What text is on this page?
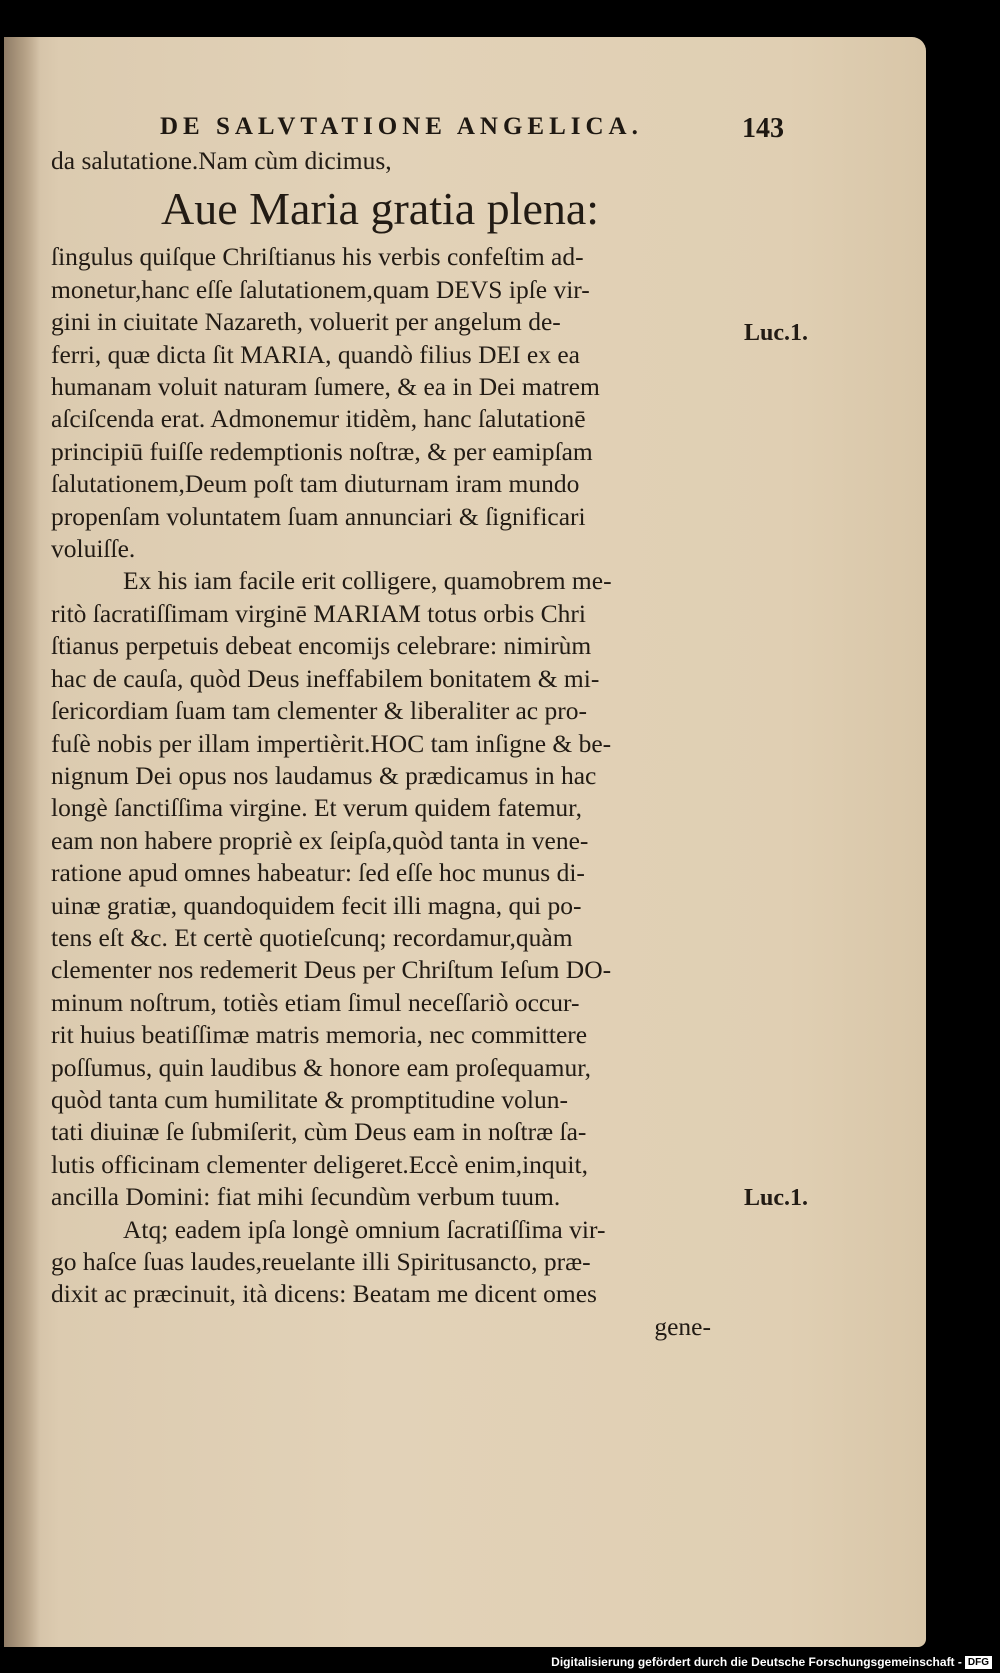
DE SALVTATIONE ANGELICA.	143
da salutatione.Nam cùm dicimus,
Aue Maria gratia plena:

ſingulus quiſque Chriſtianus his verbis confeſtim ad-
monetur,hanc eſſe ſalutationem,quam DEVS ipſe vir-
gini in ciuitate Nazareth, voluerit per angelum de-
ferri, quæ dicta ſit MARIA, quandò filius DEI ex ea
humanam voluit naturam ſumere, & ea in Dei matrem
aſciſcenda erat. Admonemur itidèm, hanc ſalutationē
principiū fuiſſe redemptionis noſtræ, & per eamipſam
ſalutationem,Deum poſt tam diuturnam iram mundo
propenſam voluntatem ſuam annunciari & ſignificari
voluiſſe.

Ex his iam facile erit colligere, quamobrem me-
ritò ſacratiſſimam virginē MARIAM totus orbis Chri
ſtianus perpetuis debeat encomijs celebrare: nimirùm
hac de cauſa, quòd Deus ineffabilem bonitatem & mi-
ſericordiam ſuam tam clementer & liberaliter ac pro-
fuſè nobis per illam impertièrit.HOC tam inſigne & be-
nignum Dei opus nos laudamus & prædicamus in hac
longè ſanctiſſima virgine. Et verum quidem fatemur,
eam non habere propriè ex ſeipſa,quòd tanta in vene-
ratione apud omnes habeatur: ſed eſſe hoc munus di-
uinæ gratiæ, quandoquidem fecit illi magna, qui po-
tens eſt &c. Et certè quotieſcunq; recordamur,quàm
clementer nos redemerit Deus per Chriſtum Ieſum DO-
minum noſtrum, totiès etiam ſimul neceſſariò occur-
rit huius beatiſſimæ matris memoria, nec committere
poſſumus, quin laudibus & honore eam proſequamur,
quòd tanta cum humilitate & promptitudine volun-
tati diuinæ ſe ſubmiſerit, cùm Deus eam in noſtræ ſa-
lutis officinam clementer deligeret.Eccè enim,inquit,
ancilla Domini: fiat mihi ſecundùm verbum tuum.

Atq; eadem ipſa longè omnium ſacratiſſima vir-
go haſce ſuas laudes,reuelante illi Spiritusancto, præ-
dixit ac præcinuit, ità dicens: Beatam me dicent omes

gene-
Luc.1.
Luc.1.
Digitalisierung gefördert durch die Deutsche Forschungsgemeinschaft - DFG
